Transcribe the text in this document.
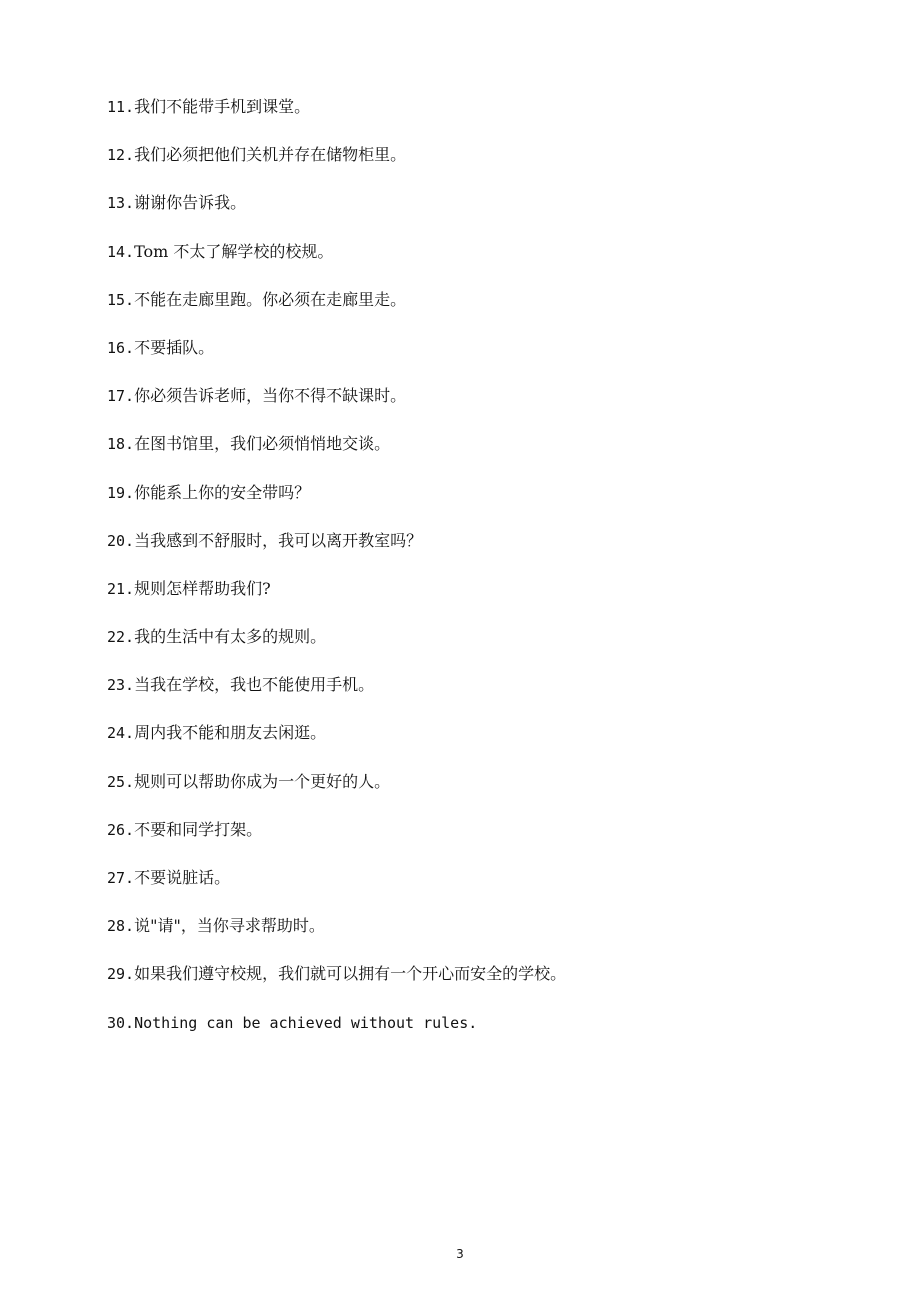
11.我们不能带手机到课堂。
12.我们必须把他们关机并存在储物柜里。
13.谢谢你告诉我。
14.Tom 不太了解学校的校规。
15.不能在走廊里跑。你必须在走廊里走。
16.不要插队。
17.你必须告诉老师，当你不得不缺课时。
18.在图书馆里，我们必须悄悄地交谈。
19.你能系上你的安全带吗？
20.当我感到不舒服时，我可以离开教室吗？
21.规则怎样帮助我们?
22.我的生活中有太多的规则。
23.当我在学校，我也不能使用手机。
24.周内我不能和朋友去闲逛。
25.规则可以帮助你成为一个更好的人。
26.不要和同学打架。
27.不要说脏话。
28.说"请"，当你寻求帮助时。
29.如果我们遵守校规，我们就可以拥有一个开心而安全的学校。
30.Nothing can be achieved without rules.
3
